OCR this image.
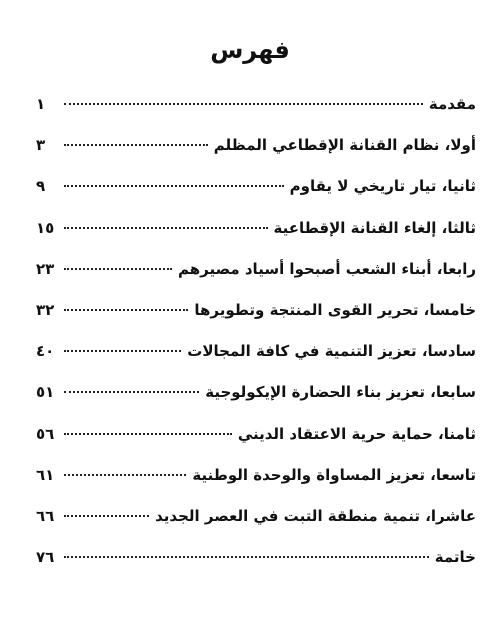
فهرس
مقدمة
١
أولا، نظام القنانة الإقطاعي المظلم
٣
ثانيا، تيار تاريخي لا يقاوم
٩
ثالثا، إلغاء القنانة الإقطاعية
١٥
رابعا، أبناء الشعب أصبحوا أسياد مصيرهم
٢٣
خامسا، تحرير القوى المنتجة وتطويرها
٣٢
سادسا، تعزيز التنمية في كافة المجالات
٤٠
سابعا، تعزيز بناء الحضارة الإيكولوجية
٥١
ثامنا، حماية حرية الاعتقاد الديني
٥٦
تاسعا، تعزيز المساواة والوحدة الوطنية
٦١
عاشرا، تنمية منطقة التبت في العصر الجديد
٦٦
خاتمة
٧٦
